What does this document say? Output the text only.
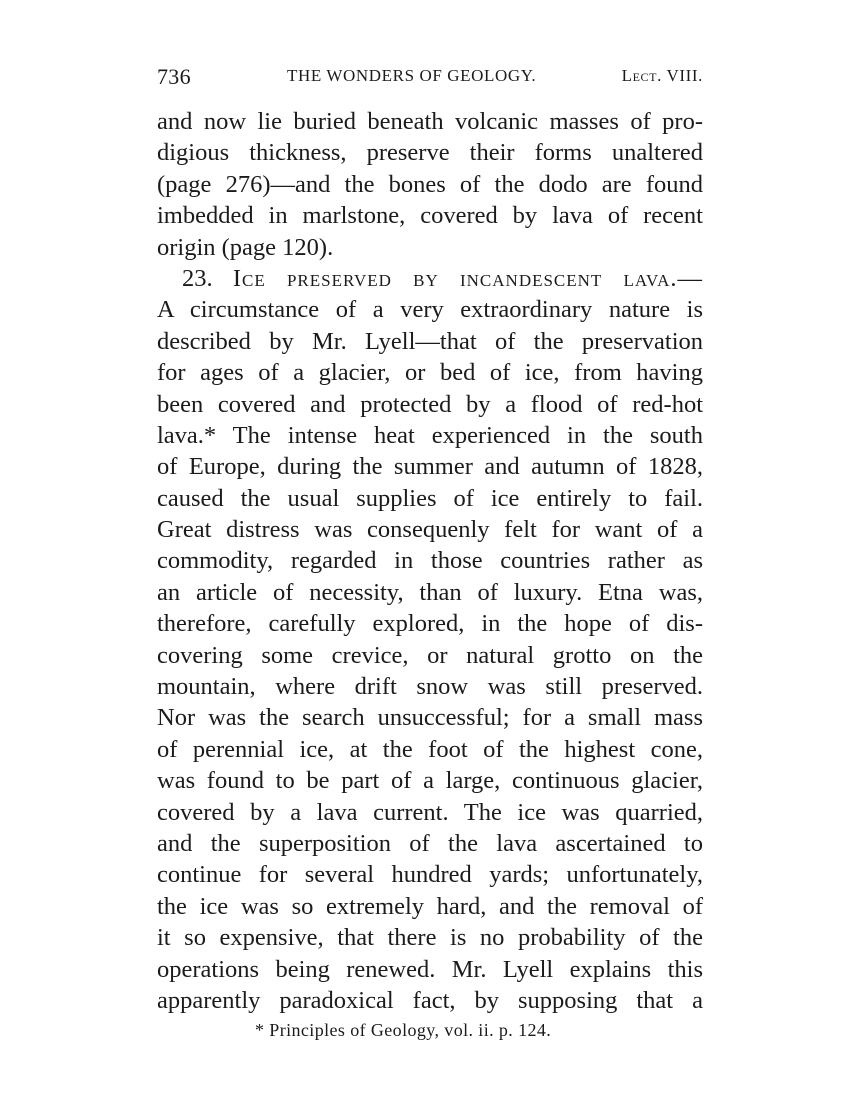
736	THE WONDERS OF GEOLOGY.	Lect. VIII.
and now lie buried beneath volcanic masses of pro-
digious thickness, preserve their forms unaltered
(page 276)—and the bones of the dodo are found
imbedded in marlstone, covered by lava of recent
origin (page 120).
23. Ice preserved by incandescent lava.—
A circumstance of a very extraordinary nature is
described by Mr. Lyell—that of the preservation
for ages of a glacier, or bed of ice, from having
been covered and protected by a flood of red-hot
lava.* The intense heat experienced in the south
of Europe, during the summer and autumn of 1828,
caused the usual supplies of ice entirely to fail.
Great distress was consequenly felt for want of a
commodity, regarded in those countries rather as
an article of necessity, than of luxury. Etna was,
therefore, carefully explored, in the hope of dis-
covering some crevice, or natural grotto on the
mountain, where drift snow was still preserved.
Nor was the search unsuccessful; for a small mass
of perennial ice, at the foot of the highest cone,
was found to be part of a large, continuous glacier,
covered by a lava current. The ice was quarried,
and the superposition of the lava ascertained to
continue for several hundred yards; unfortunately,
the ice was so extremely hard, and the removal of
it so expensive, that there is no probability of the
operations being renewed. Mr. Lyell explains this
apparently paradoxical fact, by supposing that a
* Principles of Geology, vol. ii. p. 124.
